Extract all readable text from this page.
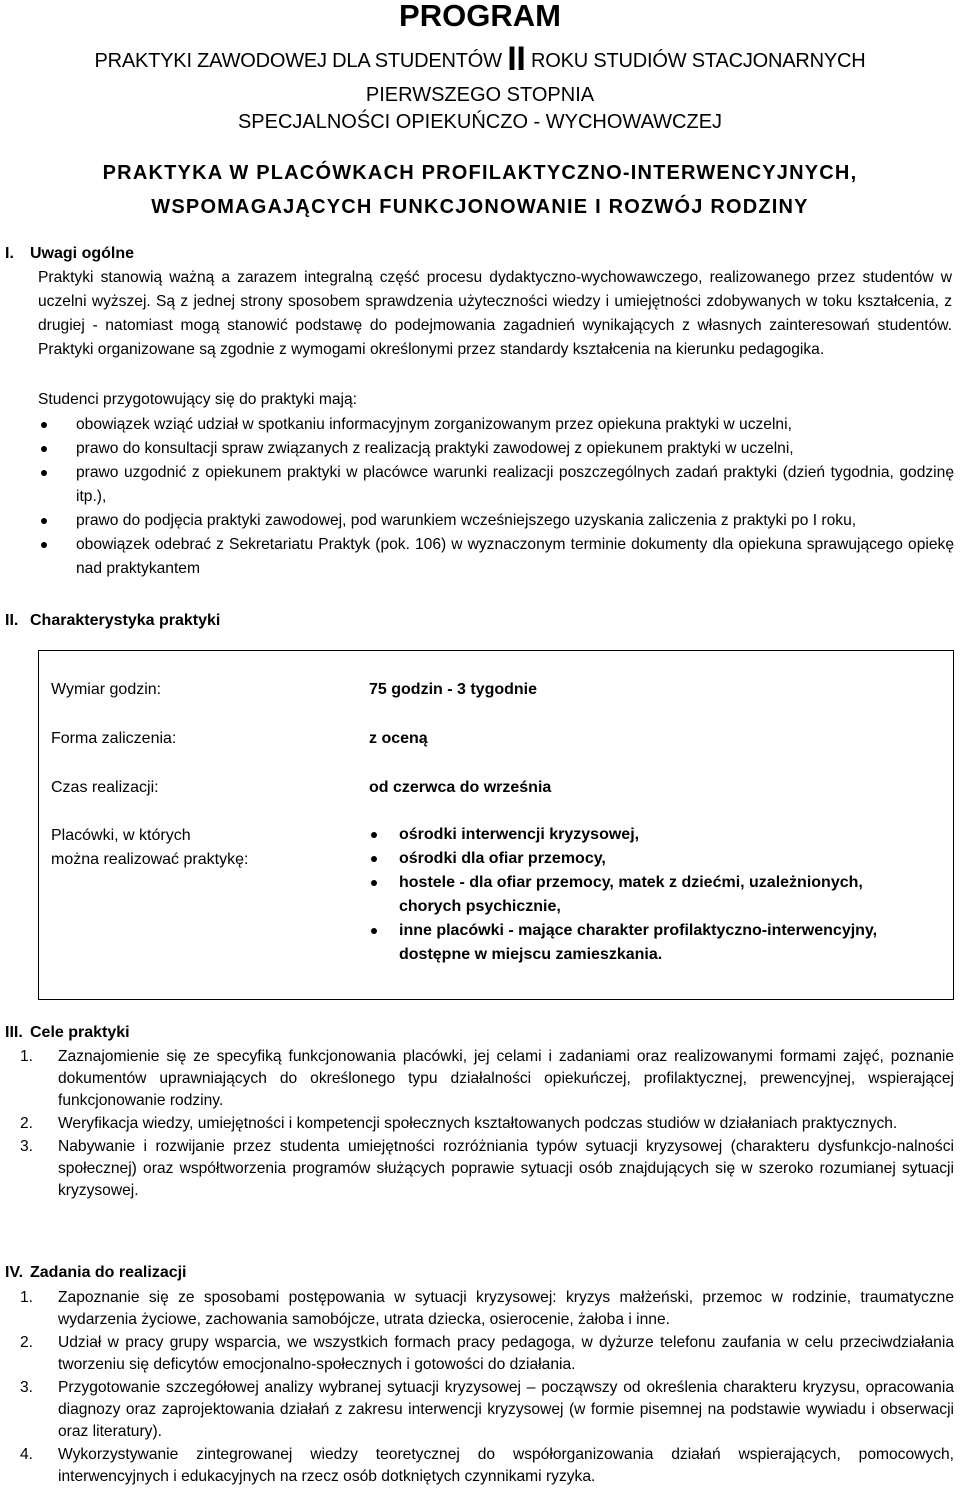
PROGRAM
PRAKTYKI ZAWODOWEJ DLA STUDENTÓW II ROKU STUDIÓW STACJONARNYCH
PIERWSZEGO STOPNIA
SPECJALNOŚCI OPIEKUŃCZO - WYCHOWAWCZEJ
PRAKTYKA W PLACÓWKACH PROFILAKTYCZNO-INTERWENCYJNYCH,
WSPOMAGAJĄCYCH FUNKCJONOWANIE I ROZWÓJ RODZINY
I. Uwagi ogólne
Praktyki stanowią ważną a zarazem integralną część procesu dydaktyczno-wychowawczego, realizowanego przez studentów w uczelni wyższej. Są z jednej strony sposobem sprawdzenia użyteczności wiedzy i umiejętności zdobywanych w toku kształcenia, z drugiej - natomiast mogą stanowić podstawę do podejmowania zagadnień wynikających z własnych zainteresowań studentów. Praktyki organizowane są zgodnie z wymogami określonymi przez standardy kształcenia na kierunku pedagogika.
Studenci przygotowujący się do praktyki mają:
obowiązek wziąć udział w spotkaniu informacyjnym zorganizowanym przez opiekuna praktyki w uczelni,
prawo do konsultacji spraw związanych z realizacją praktyki zawodowej z opiekunem praktyki w uczelni,
prawo uzgodnić z opiekunem praktyki w placówce warunki realizacji poszczególnych zadań praktyki (dzień tygodnia, godzinę itp.),
prawo do podjęcia praktyki zawodowej, pod warunkiem wcześniejszego uzyskania zaliczenia z praktyki po I roku,
obowiązek odebrać z Sekretariatu Praktyk (pok. 106) w wyznaczonym terminie dokumenty dla opiekuna sprawującego opiekę nad praktykantem
II. Charakterystyka praktyki
Wymiar godzin:	75 godzin - 3 tygodnie
Forma zaliczenia:	z oceną
Czas realizacji:	od czerwca do września
Placówki, w których
można realizować praktykę:
ośrodki interwencji kryzysowej,
ośrodki dla ofiar przemocy,
hostele - dla ofiar przemocy, matek z dziećmi, uzależnionych, chorych psychicznie,
inne placówki - mające charakter profilaktyczno-interwencyjny, dostępne w miejscu zamieszkania.
III. Cele praktyki
1. Zaznajomienie się ze specyfiką funkcjonowania placówki, jej celami i zadaniami oraz realizowanymi formami zajęć, poznanie dokumentów uprawniających do określonego typu działalności opiekuńczej, profilaktycznej, prewencyjnej, wspierającej funkcjonowanie rodziny.
2. Weryfikacja wiedzy, umiejętności i kompetencji społecznych kształtowanych podczas studiów w działaniach praktycznych.
3. Nabywanie i rozwijanie przez studenta umiejętności rozróżniania typów sytuacji kryzysowej (charakteru dysfunkcjo-nalności społecznej) oraz współtworzenia programów służących poprawie sytuacji osób znajdujących się w szeroko rozumianej sytuacji kryzysowej.
IV. Zadania do realizacji
1. Zapoznanie się ze sposobami postępowania w sytuacji kryzysowej: kryzys małżeński, przemoc w rodzinie, traumatyczne wydarzenia życiowe, zachowania samobójcze, utrata dziecka, osierocenie, żałoba i inne.
2. Udział w pracy grupy wsparcia, we wszystkich formach pracy pedagoga, w dyżurze telefonu zaufania w celu przeciwdziałania tworzeniu się deficytów emocjonalno-społecznych i gotowości do działania.
3. Przygotowanie szczegółowej analizy wybranej sytuacji kryzysowej – począwszy od określenia charakteru kryzysu, opracowania diagnozy oraz zaprojektowania działań z zakresu interwencji kryzysowej (w formie pisemnej na podstawie wywiadu i obserwacji oraz literatury).
4. Wykorzystywanie zintegrowanej wiedzy teoretycznej do współorganizowania działań wspierających, pomocowych, interwencyjnych i edukacyjnych na rzecz osób dotkniętych czynnikami ryzyka.
